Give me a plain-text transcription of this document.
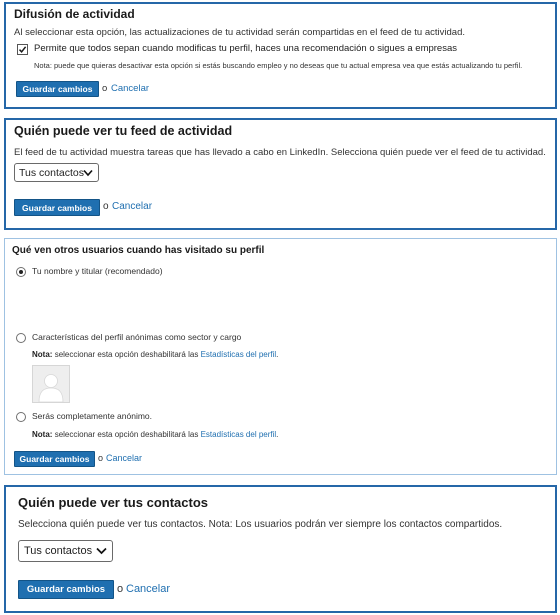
Difusión de actividad
Al seleccionar esta opción, las actualizaciones de tu actividad serán compartidas en el feed de tu actividad.
Permite que todos sepan cuando modificas tu perfil, haces una recomendación o sigues a empresas
Nota: puede que quieras desactivar esta opción si estás buscando empleo y no deseas que tu actual empresa vea que estás actualizando tu perfil.
Guardar cambios	o Cancelar
Quién puede ver tu feed de actividad
El feed de tu actividad muestra tareas que has llevado a cabo en LinkedIn. Selecciona quién puede ver el feed de tu actividad.
Tus contactos
Guardar cambios	o Cancelar
Qué ven otros usuarios cuando has visitado su perfil
Tu nombre y titular (recomendado)
Características del perfil anónimas como sector y cargo
Nota: seleccionar esta opción deshabilitará las Estadísticas del perfil.
Serás completamente anónimo.
Nota: seleccionar esta opción deshabilitará las Estadísticas del perfil.
Guardar cambios o Cancelar
Quién puede ver tus contactos
Selecciona quién puede ver tus contactos. Nota: Los usuarios podrán ver siempre los contactos compartidos.
Tus contactos
Guardar cambios	o Cancelar
